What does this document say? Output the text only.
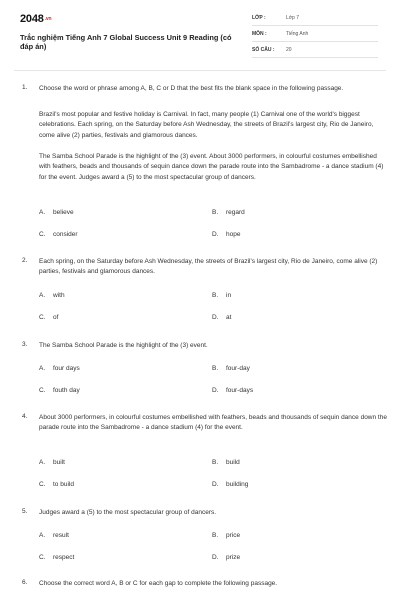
$2048^{.vn}$
Trắc nghiệm Tiếng Anh 7 Global Success Unit 9 Reading (có đáp án)
LỚP :	Lớp 7
MÔN :	Tiếng Anh
SỐ CÂU : 20
1. Choose the word or phrase among A, B, C or D that the best fits the blank space in the following passage.
Brazil's most popular and festive holiday is Carnival. In fact, many people (1) Carnival one of the world's biggest celebrations. Each spring, on the Saturday before Ash Wednesday, the streets of Brazil's largest city, Rio de Janeiro, come alive (2) parties, festivals and glamorous dances.
The Samba School Parade is the highlight of the (3) event. About 3000 performers, in colourful costumes embellished with feathers, beads and thousands of sequin dance down the parade route into the Sambadrome - a dance stadium (4) for the event. Judges award a (5) to the most spectacular group of dancers.
A. believe	B. regard
C. consider	D. hope
2. Each spring, on the Saturday before Ash Wednesday, the streets of Brazil's largest city, Rio de Janeiro, come alive (2) parties, festivals and glamorous dances.
A. with	B. in
C. of	D. at
3. The Samba School Parade is the highlight of the (3) event.
A. four days	B. four-day
C. fouth day	D. four-days
4. About 3000 performers, in colourful costumes embellished with feathers, beads and thousands of sequin dance down the parade route into the Sambadrome - a dance stadium (4) for the event.
A. built	B. build
C. to build	D. building
5. Judges award a (5) to the most spectacular group of dancers.
A. result	B. price
C. respect	D. prize
6. Choose the correct word A, B or C for each gap to complete the following passage.
